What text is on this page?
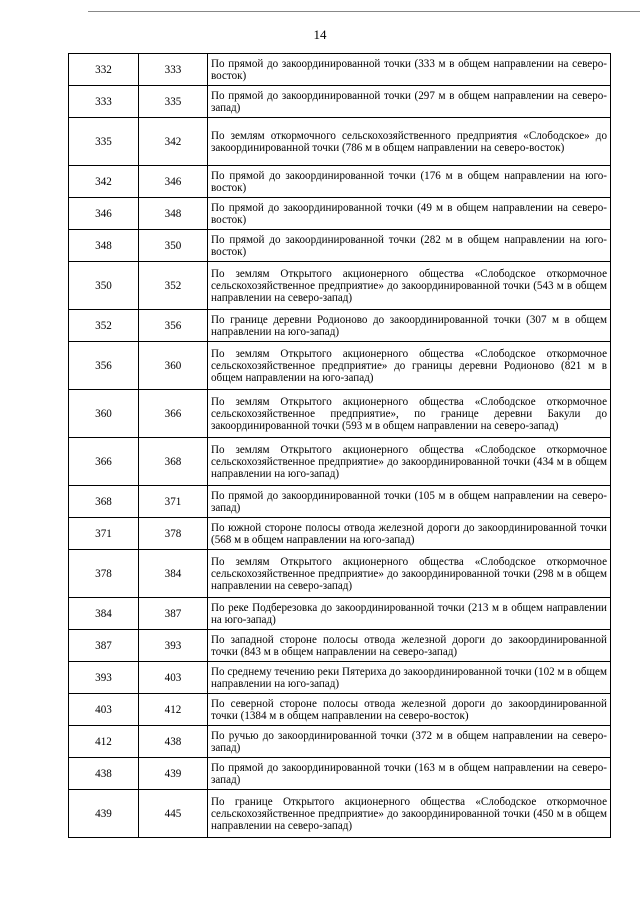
14
332	333	По прямой до закоординированной точки (333 м в общем направлении на северо-восток)
333	335	По прямой до закоординированной точки (297 м в общем направлении на северо-запад)
335	342	По землям откормочного сельскохозяйственного предприятия «Слободское» до закоординированной точки (786 м в общем направлении на северо-восток)
342	346	По прямой до закоординированной точки (176 м в общем направлении на юго-восток)
346	348	По прямой до закоординированной точки (49 м в общем направлении на северо-восток)
348	350	По прямой до закоординированной точки (282 м в общем направлении на юго-восток)
350	352	По землям Открытого акционерного общества «Слободское откормочное сельскохозяйственное предприятие» до закоординированной точки (543 м в общем направлении на северо-запад)
352	356	По границе деревни Родионово до закоординированной точки (307 м в общем направлении на юго-запад)
356	360	По землям Открытого акционерного общества «Слободское откормочное сельскохозяйственное предприятие» до границы деревни Родионово (821 м в общем направлении на юго-запад)
360	366	По землям Открытого акционерного общества «Слободское откормочное сельскохозяйственное предприятие», по границе деревни Бакули до закоординированной точки (593 м в общем направлении на северо-запад)
366	368	По землям Открытого акционерного общества «Слободское откормочное сельскохозяйственное предприятие» до закоординированной точки (434 м в общем направлении на юго-запад)
368	371	По прямой до закоординированной точки (105 м в общем направлении на северо-запад)
371	378	По южной стороне полосы отвода железной дороги до закоординированной точки (568 м в общем направлении на юго-запад)
378	384	По землям Открытого акционерного общества «Слободское откормочное сельскохозяйственное предприятие» до закоординированной точки (298 м в общем направлении на северо-запад)
384	387	По реке Подберезовка до закоординированной точки (213 м в общем направлении на юго-запад)
387	393	По западной стороне полосы отвода железной дороги до закоординированной точки (843 м в общем направлении на северо-запад)
393	403	По среднему течению реки Пятериха до закоординированной точки (102 м в общем направлении на юго-запад)
403	412	По северной стороне полосы отвода железной дороги до закоординированной точки (1384 м в общем направлении на северо-восток)
412	438	По ручью до закоординированной точки (372 м в общем направлении на северо-запад)
438	439	По прямой до закоординированной точки (163 м в общем направлении на северо-запад)
439	445	По границе Открытого акционерного общества «Слободское откормочное сельскохозяйственное предприятие» до закоординированной точки (450 м в общем направлении на северо-запад)
